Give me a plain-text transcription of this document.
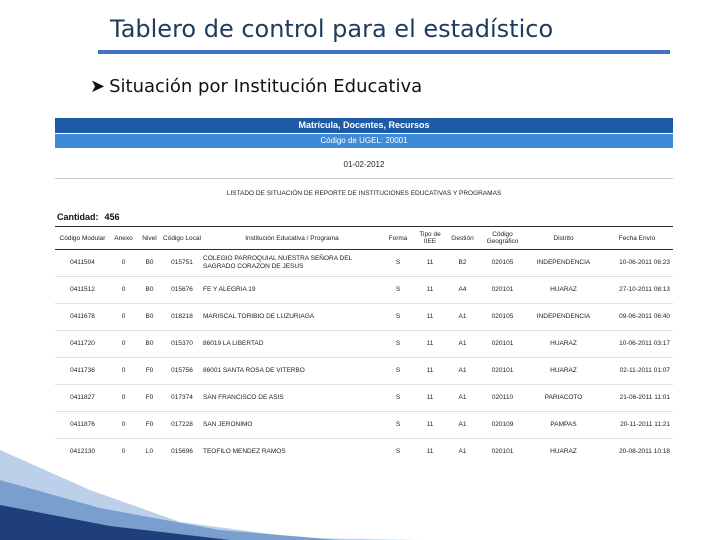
Tablero de control para el estadístico
➤ Situación por Institución Educativa
Matrícula, Docentes, Recursos
Código de UGEL: 20001
01-02-2012
LISTADO DE SITUACIÓN DE REPORTE DE INSTITUCIONES EDUCATIVAS Y PROGRAMAS
Cantidad: 456
Código Modular	Anexo	Nivel	Código Local	Institución Educativa / Programa	Forma	Tipo de IIEE	Gestión	Código Geográfico	Distrito	Fecha Envío
0411504	0	B0	015751	COLEGIO PARROQUIAL NUESTRA SEÑORA DEL SAGRADO CORAZON DE JESUS	S	11	B2	020105	INDEPENDENCIA	10-06-2011 06:23
0411512	0	B0	015676	FE Y ALEGRIA 19	S	11	A4	020101	HUARAZ	27-10-2011 08:13
0411678	0	B0	018218	MARISCAL TORIBIO DE LUZURIAGA	S	11	A1	020105	INDEPENDENCIA	09-06-2011 06:40
0411720	0	B0	015370	86019 LA LIBERTAD	S	11	A1	020101	HUARAZ	10-06-2011 03:17
0411736	0	F0	015756	86001 SANTA ROSA DE VITERBO	S	11	A1	020101	HUARAZ	02-11-2011 01:07
0411827	0	F0	017374	SAN FRANCISCO DE ASIS	S	11	A1	020110	PARIACOTO	21-06-2011 11:01
0411876	0	F0	017228	SAN JERONIMO	S	11	A1	020109	PAMPAS	20-11-2011 11:21
0412130	0	L0	015696	TEOFILO MENDEZ RAMOS	S	11	A1	020101	HUARAZ	20-08-2011 10:18
